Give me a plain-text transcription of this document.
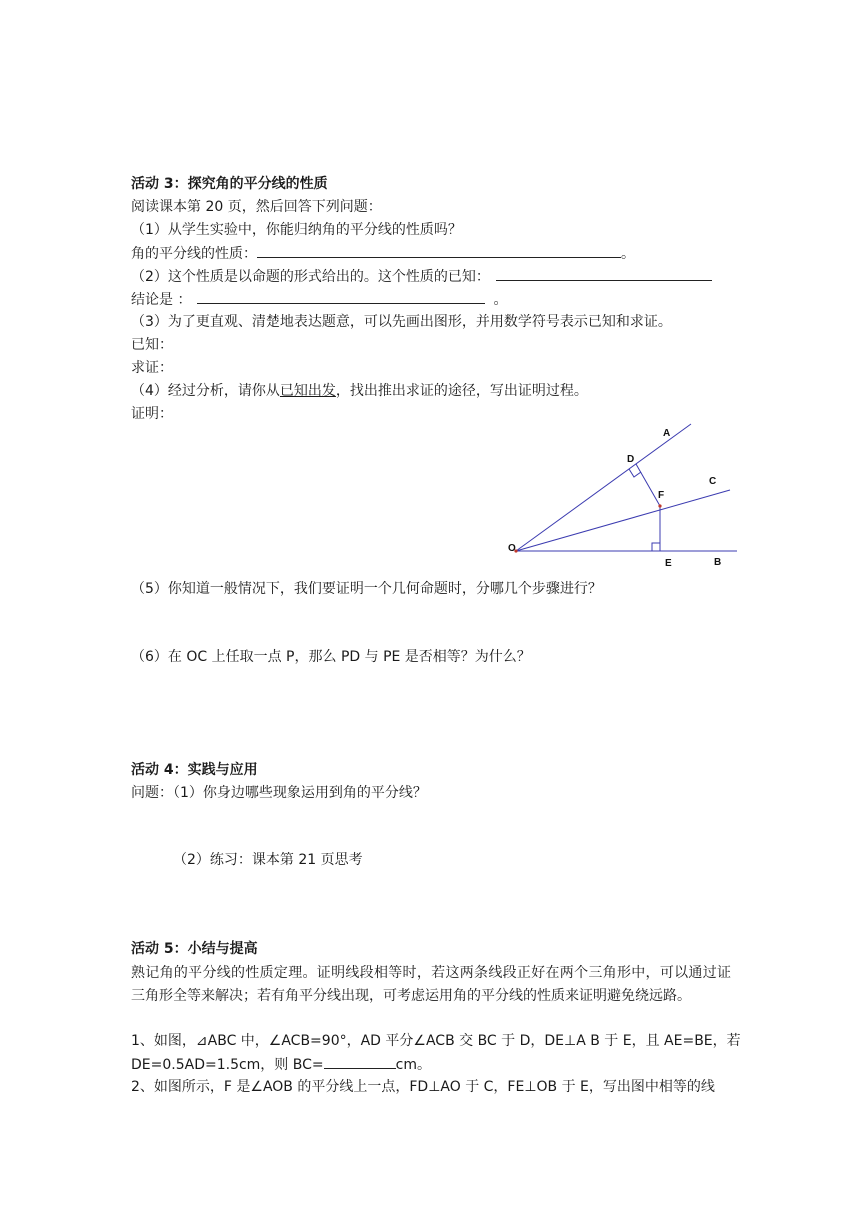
活动 3：探究角的平分线的性质
阅读课本第 20 页，然后回答下列问题：
（1）从学生实验中，你能归纳角的平分线的性质吗？
角的平分线的性质：	。
（2）这个性质是以命题的形式给出的。这个性质的已知：
结论是 ：	。
（3）为了更直观、清楚地表达题意，可以先画出图形，并用数学符号表示已知和求证。
已知：
求证：
（4）经过分析，请你从已知出发，找出推出求证的途径，写出证明过程。
证明：
A
D
C
F
O
E	B
（5）你知道一般情况下，我们要证明一个几何命题时，分哪几个步骤进行？
（6）在 OC 上任取一点 P，那么 PD 与 PE 是否相等？为什么？
活动 4：实践与应用
问题：（1）你身边哪些现象运用到角的平分线？
（2）练习：课本第 21 页思考
活动 5：小结与提高
熟记角的平分线的性质定理。证明线段相等时，若这两条线段正好在两个三角形中，可以通过证三角形全等来解决；若有角平分线出现，可考虑运用角的平分线的性质来证明避免绕远路。
1、如图，⊿ABC 中，∠ACB=90°，AD 平分∠ACB 交 BC 于 D，DE⊥A B 于 E，且 AE=BE，若
DE=0.5AD=1.5cm，则 BC=	cm。
2、如图所示，F 是∠AOB 的平分线上一点，FD⊥AO 于 C，FE⊥OB 于 E，写出图中相等的线
